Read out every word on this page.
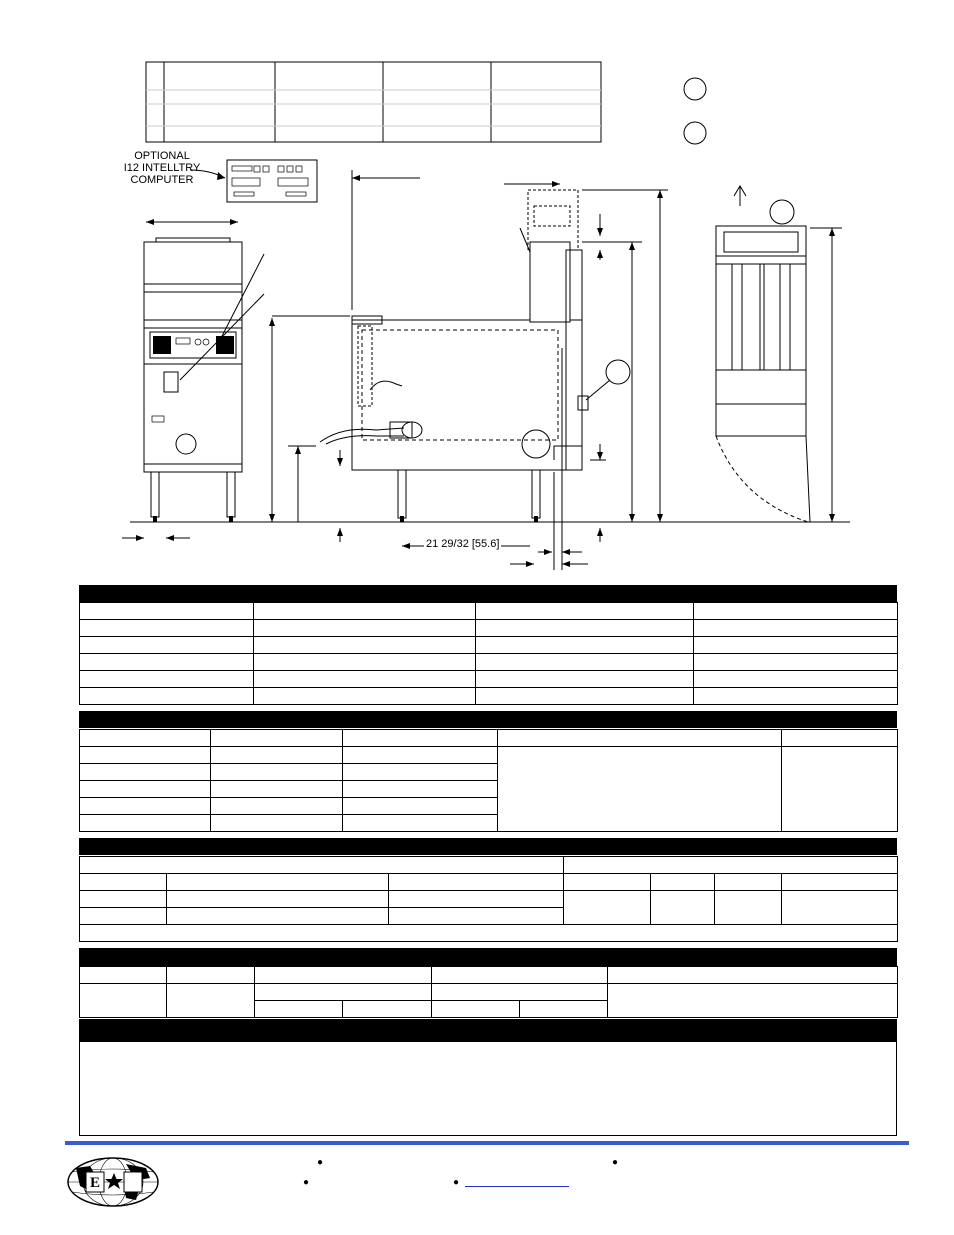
OPTIONAL
I12 INTELLTRY
COMPUTER
21 29/32 [55.6]

E
●	●
●	●
